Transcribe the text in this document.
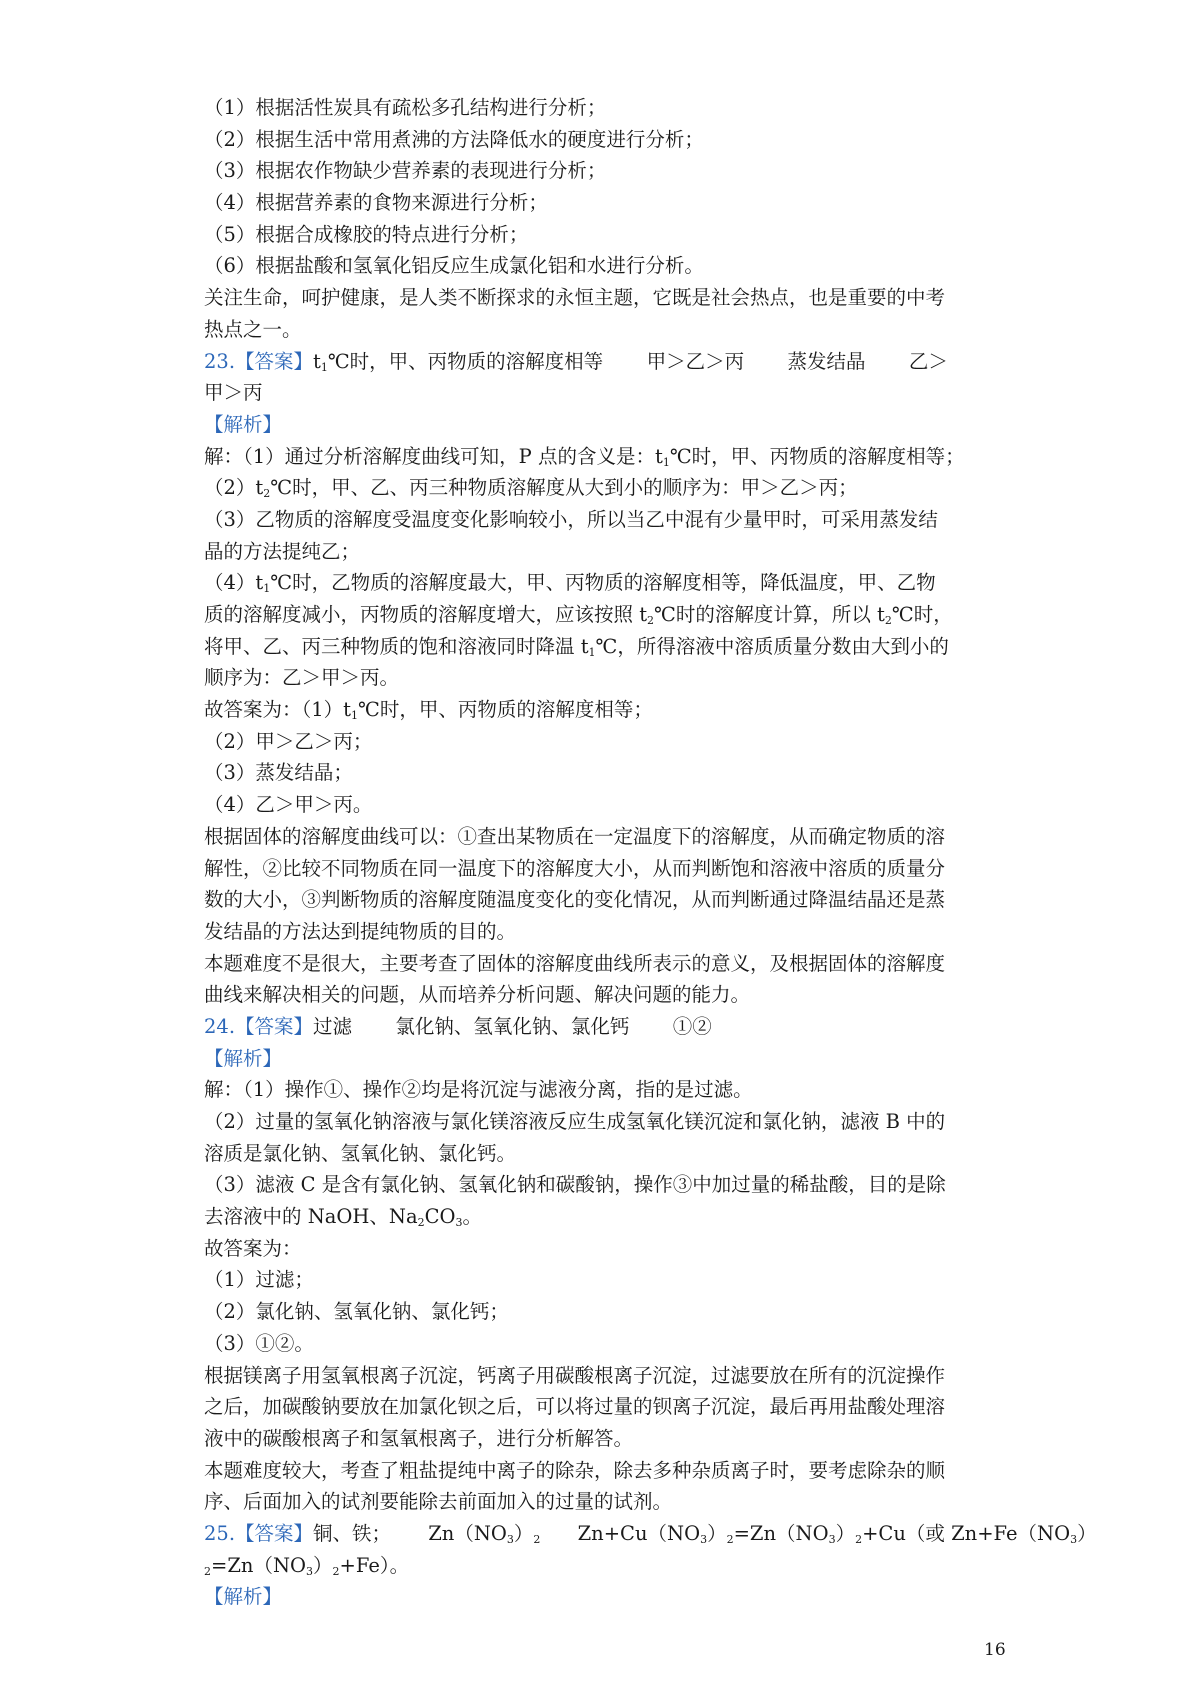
（1）根据活性炭具有疏松多孔结构进行分析；
（2）根据生活中常用煮沸的方法降低水的硬度进行分析；
（3）根据农作物缺少营养素的表现进行分析；
（4）根据营养素的食物来源进行分析；
（5）根据合成橡胶的特点进行分析；
（6）根据盐酸和氢氧化铝反应生成氯化铝和水进行分析。
关注生命，呵护健康，是人类不断探求的永恒主题，它既是社会热点，也是重要的中考
热点之一。
23.【答案】$t_1℃$时，甲、丙物质的溶解度相等       甲＞乙＞丙       蒸发结晶       乙＞
甲＞丙
【解析】
解：（1）通过分析溶解度曲线可知，P 点的含义是：$t_1℃$时，甲、丙物质的溶解度相等；
$(2)t_2℃$时，甲、乙、丙三种物质溶解度从大到小的顺序为：甲＞乙＞丙；
（3）乙物质的溶解度受温度变化影响较小，所以当乙中混有少量甲时，可采用蒸发结
晶的方法提纯乙；
$(4)t_1℃$时，乙物质的溶解度最大，甲、丙物质的溶解度相等，降低温度，甲、乙物
质的溶解度减小，丙物质的溶解度增大，应该按照 $t_2℃$时的溶解度计算，所以 $t_2℃$时，
将甲、乙、丙三种物质的饱和溶液同时降温 $t_1℃$，所得溶液中溶质质量分数由大到小的
顺序为：乙＞甲＞丙。
故答案为：$(1)t_1℃$时，甲、丙物质的溶解度相等；
（2）甲＞乙＞丙；
（3）蒸发结晶；
（4）乙＞甲＞丙。
根据固体的溶解度曲线可以：①查出某物质在一定温度下的溶解度，从而确定物质的溶
解性，②比较不同物质在同一温度下的溶解度大小，从而判断饱和溶液中溶质的质量分
数的大小，③判断物质的溶解度随温度变化的变化情况，从而判断通过降温结晶还是蒸
发结晶的方法达到提纯物质的目的。
本题难度不是很大，主要考查了固体的溶解度曲线所表示的意义，及根据固体的溶解度
曲线来解决相关的问题，从而培养分析问题、解决问题的能力。
24.【答案】过滤       氯化钠、氢氧化钠、氯化钙       ①②
【解析】
解：（1）操作①、操作②均是将沉淀与滤液分离，指的是过滤。
（2）过量的氢氧化钠溶液与氯化镁溶液反应生成氢氧化镁沉淀和氯化钠，滤液 B 中的
溶质是氯化钠、氢氧化钠、氯化钙。
（3）滤液 C 是含有氯化钠、氢氧化钠和碳酸钠，操作③中加过量的稀盐酸，目的是除
去溶液中的 NaOH、$Na_2CO_3$。
故答案为：
（1）过滤；
（2）氯化钠、氢氧化钠、氯化钙；
（3）①②。
根据镁离子用氢氧根离子沉淀，钙离子用碳酸根离子沉淀，过滤要放在所有的沉淀操作
之后，加碳酸钠要放在加氯化钡之后，可以将过量的钡离子沉淀，最后再用盐酸处理溶
液中的碳酸根离子和氢氧根离子，进行分析解答。
本题难度较大，考查了粗盐提纯中离子的除杂，除去多种杂质离子时，要考虑除杂的顺
序、后面加入的试剂要能除去前面加入的过量的试剂。
25.【答案】铜、铁；      $Zn(NO_3)_2$      $Zn+Cu(NO_3)_2=Zn(NO_3)_2+Cu$（或 $Zn+Fe(NO_3)$
$_2=Zn(NO_3)_2+Fe$）。
【解析】
16
